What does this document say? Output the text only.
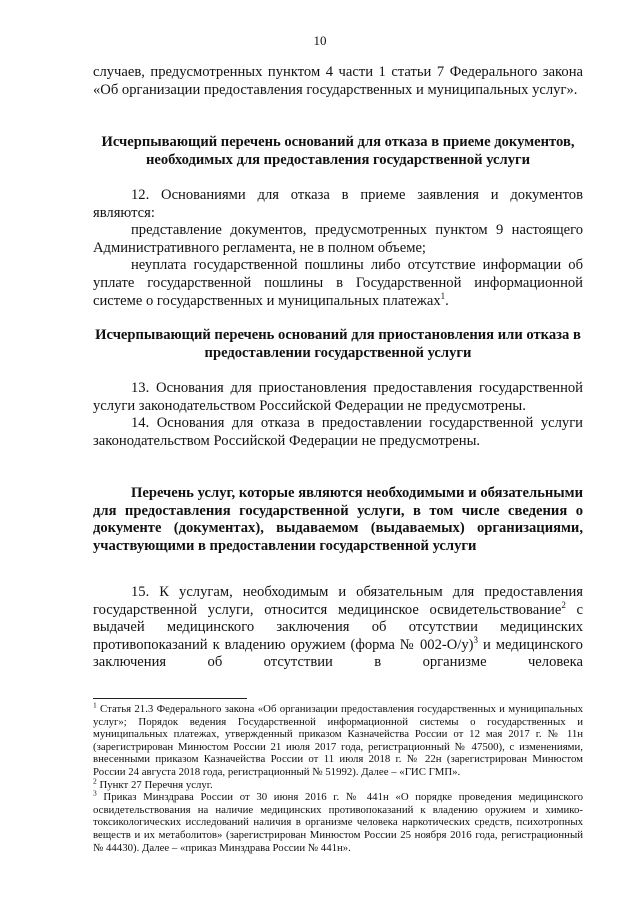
10

случаев, предусмотренных пунктом 4 части 1 статьи 7 Федерального закона «Об организации предоставления государственных и муниципальных услуг».

Исчерпывающий перечень оснований для отказа в приеме документов, необходимых для предоставления государственной услуги

12. Основаниями для отказа в приеме заявления и документов являются:

представление документов, предусмотренных пунктом 9 настоящего Административного регламента, не в полном объеме;

неуплата государственной пошлины либо отсутствие информации об уплате государственной пошлины в Государственной информационной системе о государственных и муниципальных платежах$^1$.

Исчерпывающий перечень оснований для приостановления или отказа в предоставлении государственной услуги

13. Основания для приостановления предоставления государственной услуги законодательством Российской Федерации не предусмотрены.

14. Основания для отказа в предоставлении государственной услуги законодательством Российской Федерации не предусмотрены.

Перечень услуг, которые являются необходимыми и обязательными для предоставления государственной услуги, в том числе сведения о документе (документах), выдаваемом (выдаваемых) организациями, участвующими в предоставлении государственной услуги

15. К услугам, необходимым и обязательным для предоставления государственной услуги, относится медицинское освидетельствование$^2$ с выдачей медицинского заключения об отсутствии медицинских противопоказаний к владению оружием (форма № 002-О/у)$^3$ и медицинского заключения об отсутствии в организме человека

$^1$ Статья 21.3 Федерального закона «Об организации предоставления государственных и муниципальных услуг»; Порядок ведения Государственной информационной системы о государственных и муниципальных платежах, утвержденный приказом Казначейства России от 12 мая 2017 г. № 11н (зарегистрирован Минюстом России 21 июля 2017 года, регистрационный № 47500), с изменениями, внесенными приказом Казначейства России от 11 июля 2018 г. № 22н (зарегистрирован Минюстом России 24 августа 2018 года, регистрационный № 51992). Далее – «ГИС ГМП».

$^2$ Пункт 27 Перечня услуг.

$^3$ Приказ Минздрава России от 30 июня 2016 г. № 441н «О порядке проведения медицинского освидетельствования на наличие медицинских противопоказаний к владению оружием и химико-токсикологических исследований наличия в организме человека наркотических средств, психотропных веществ и их метаболитов» (зарегистрирован Минюстом России 25 ноября 2016 года, регистрационный № 44430). Далее – «приказ Минздрава России № 441н».
